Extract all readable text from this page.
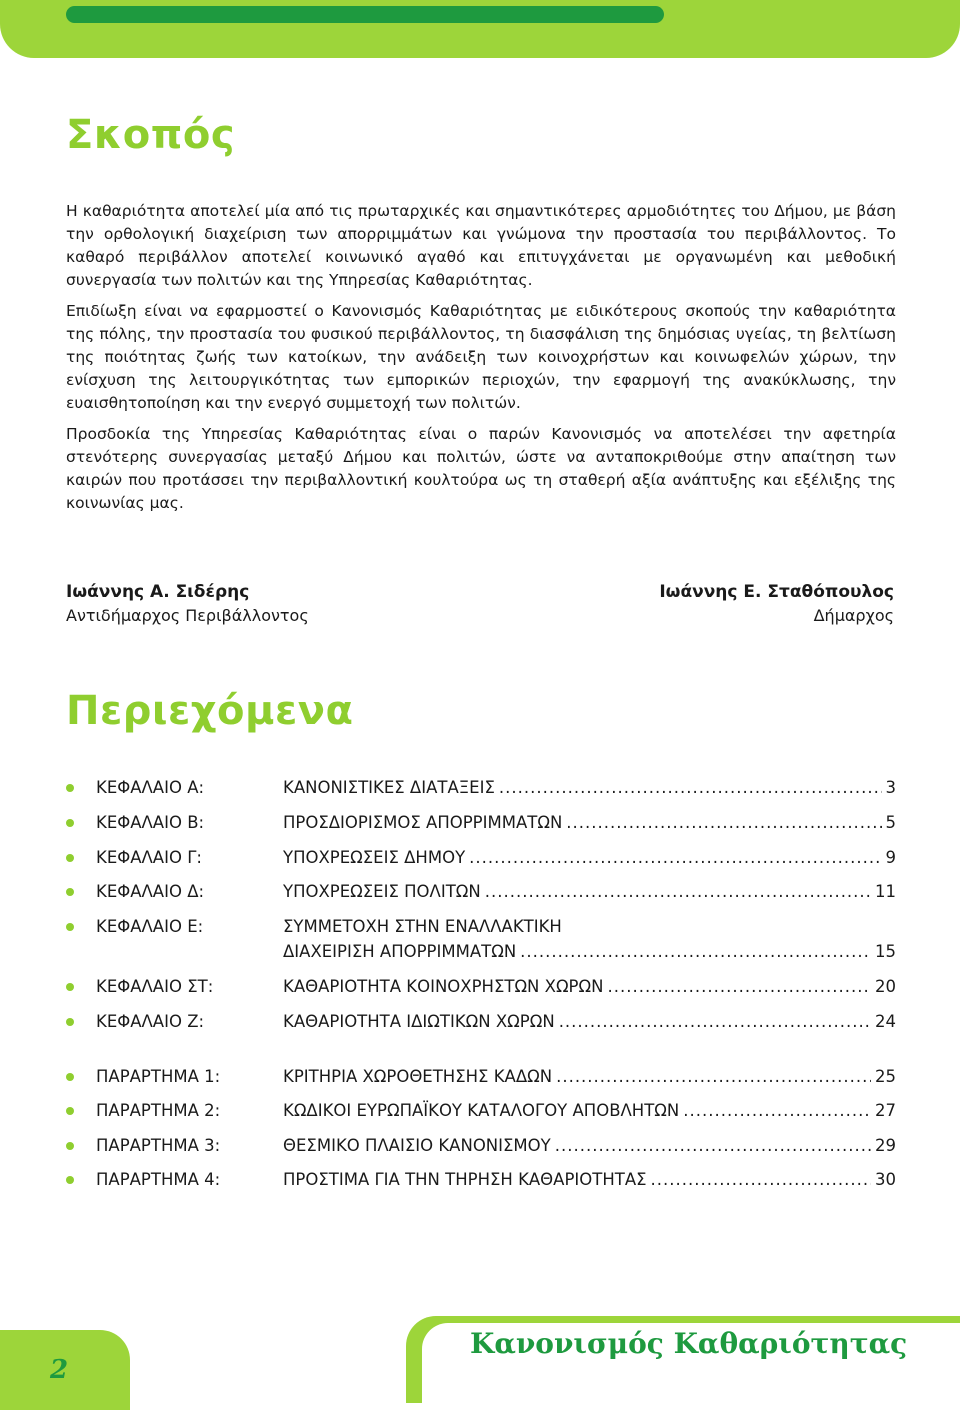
Σκοπός

Η καθαριότητα αποτελεί μία από τις πρωταρχικές και σημαντικότερες αρμοδιότητες του Δήμου, με βάση την ορθολογική διαχείριση των απορριμμάτων και γνώμονα την προστασία του περιβάλλοντος. Το καθαρό περιβάλλον αποτελεί κοινωνικό αγαθό και επιτυγχάνεται με οργανωμένη και μεθοδική συνεργασία των πολιτών και της Υπηρεσίας Καθαριότητας.

Επιδίωξη είναι να εφαρμοστεί ο Κανονισμός Καθαριότητας με ειδικότερους σκοπούς την καθαριότητα της πόλης, την προστασία του φυσικού περιβάλλοντος, τη διασφάλιση της δημόσιας υγείας, τη βελτίωση της ποιότητας ζωής των κατοίκων, την ανάδειξη των κοινοχρήστων και κοινωφελών χώρων, την ενίσχυση της λειτουργικότητας των εμπορικών περιοχών, την εφαρμογή της ανακύκλωσης, την ευαισθητοποίηση και την ενεργό συμμετοχή των πολιτών.

Προσδοκία της Υπηρεσίας Καθαριότητας είναι ο παρών Κανονισμός να αποτελέσει την αφετηρία στενότερης συνεργασίας μεταξύ Δήμου και πολιτών, ώστε να ανταποκριθούμε στην απαίτηση των καιρών που προτάσσει την περιβαλλοντική κουλτούρα ως τη σταθερή αξία ανάπτυξης και εξέλιξης της κοινωνίας μας.

Ιωάννης Α. Σιδέρης
Αντιδήμαρχος Περιβάλλοντος
Ιωάννης Ε. Σταθόπουλος
Δήμαρχος
Περιεχόμενα
ΚΕΦΑΛΑΙΟ Α:	ΚΑΝΟΝΙΣΤΙΚΕΣ ΔΙΑΤΑΞΕΙΣ .....	3
ΚΕΦΑΛΑΙΟ Β:	ΠΡΟΣΔΙΟΡΙΣΜΟΣ ΑΠΟΡΡΙΜΜΑΤΩΝ .....	5
ΚΕΦΑΛΑΙΟ Γ:	ΥΠΟΧΡΕΩΣΕΙΣ ΔΗΜΟΥ .....	9
ΚΕΦΑΛΑΙΟ Δ:	ΥΠΟΧΡΕΩΣΕΙΣ ΠΟΛΙΤΩΝ .....	11
ΚΕΦΑΛΑΙΟ Ε:	ΣΥΜΜΕΤΟΧΗ ΣΤΗΝ ΕΝΑΛΛΑΚΤΙΚΗ
ΔΙΑΧΕΙΡΙΣΗ ΑΠΟΡΡΙΜΜΑΤΩΝ .....	15
ΚΕΦΑΛΑΙΟ ΣΤ:	ΚΑΘΑΡΙΟΤΗΤΑ ΚΟΙΝΟΧΡΗΣΤΩΝ ΧΩΡΩΝ .....	20
ΚΕΦΑΛΑΙΟ Ζ:	ΚΑΘΑΡΙΟΤΗΤΑ ΙΔΙΩΤΙΚΩΝ ΧΩΡΩΝ .....	24
ΠΑΡΑΡΤΗΜΑ 1:	ΚΡΙΤΗΡΙΑ ΧΩΡΟΘΕΤΗΣΗΣ ΚΑΔΩΝ .....	25
ΠΑΡΑΡΤΗΜΑ 2:	ΚΩΔΙΚΟΙ ΕΥΡΩΠΑΪΚΟΥ ΚΑΤΑΛΟΓΟΥ ΑΠΟΒΛΗΤΩΝ .....	27
ΠΑΡΑΡΤΗΜΑ 3:	ΘΕΣΜΙΚΟ ΠΛΑΙΣΙΟ ΚΑΝΟΝΙΣΜΟΥ .....	29
ΠΑΡΑΡΤΗΜΑ 4:	ΠΡΟΣΤΙΜΑ ΓΙΑ ΤΗΝ ΤΗΡΗΣΗ ΚΑΘΑΡΙΟΤΗΤΑΣ .....	30
2
Κανονισμός Καθαριότητας
